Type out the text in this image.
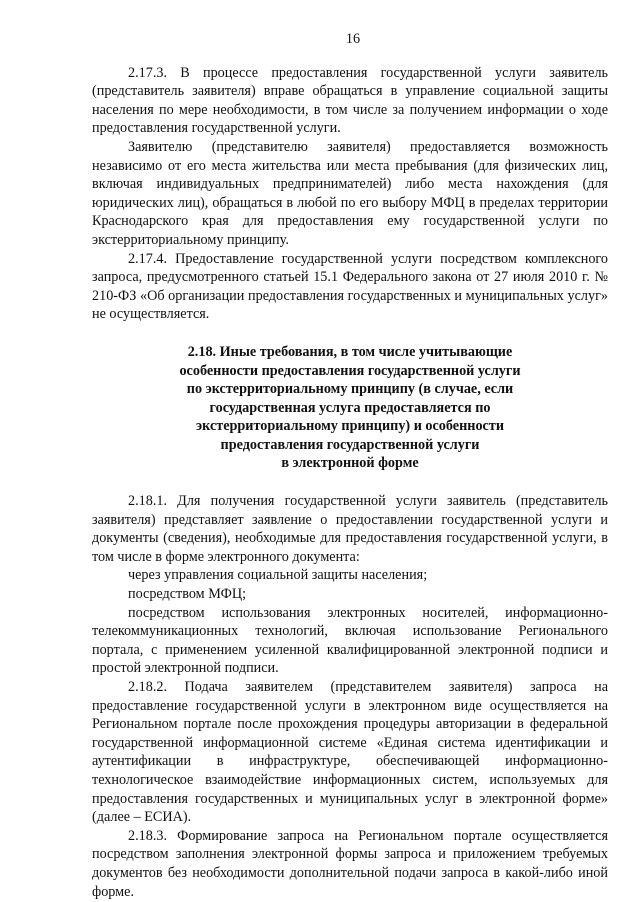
16

2.17.3. В процессе предоставления государственной услуги заявитель (представитель заявителя) вправе обращаться в управление социальной защиты населения по мере необходимости, в том числе за получением информации о ходе предоставления государственной услуги.

Заявителю (представителю заявителя) предоставляется возможность независимо от его места жительства или места пребывания (для физических лиц, включая индивидуальных предпринимателей) либо места нахождения (для юридических лиц), обращаться в любой по его выбору МФЦ в пределах территории Краснодарского края для предоставления ему государственной услуги по экстерриториальному принципу.

2.17.4. Предоставление государственной услуги посредством комплексного запроса, предусмотренного статьей 15.1 Федерального закона от 27 июля 2010 г. № 210-ФЗ «Об организации предоставления государственных и муниципальных услуг» не осуществляется.

2.18. Иные требования, в том числе учитывающие
особенности предоставления государственной услуги
по экстерриториальному принципу (в случае, если
государственная услуга предоставляется по
экстерриториальному принципу) и особенности
предоставления государственной услуги
в электронной форме

2.18.1. Для получения государственной услуги заявитель (представитель заявителя) представляет заявление о предоставлении государственной услуги и документы (сведения), необходимые для предоставления государственной услуги, в том числе в форме электронного документа:

через управления социальной защиты населения;

посредством МФЦ;

посредством использования электронных носителей, информационно-телекоммуникационных технологий, включая использование Регионального портала, с применением усиленной квалифицированной электронной подписи и простой электронной подписи.

2.18.2. Подача заявителем (представителем заявителя) запроса на предоставление государственной услуги в электронном виде осуществляется на Региональном портале после прохождения процедуры авторизации в федеральной государственной информационной системе «Единая система идентификации и аутентификации в инфраструктуре, обеспечивающей информационно-технологическое взаимодействие информационных систем, используемых для предоставления государственных и муниципальных услуг в электронной форме» (далее – ЕСИА).

2.18.3. Формирование запроса на Региональном портале осуществляется посредством заполнения электронной формы запроса и приложением требуемых документов без необходимости дополнительной подачи запроса в какой-либо иной форме.
